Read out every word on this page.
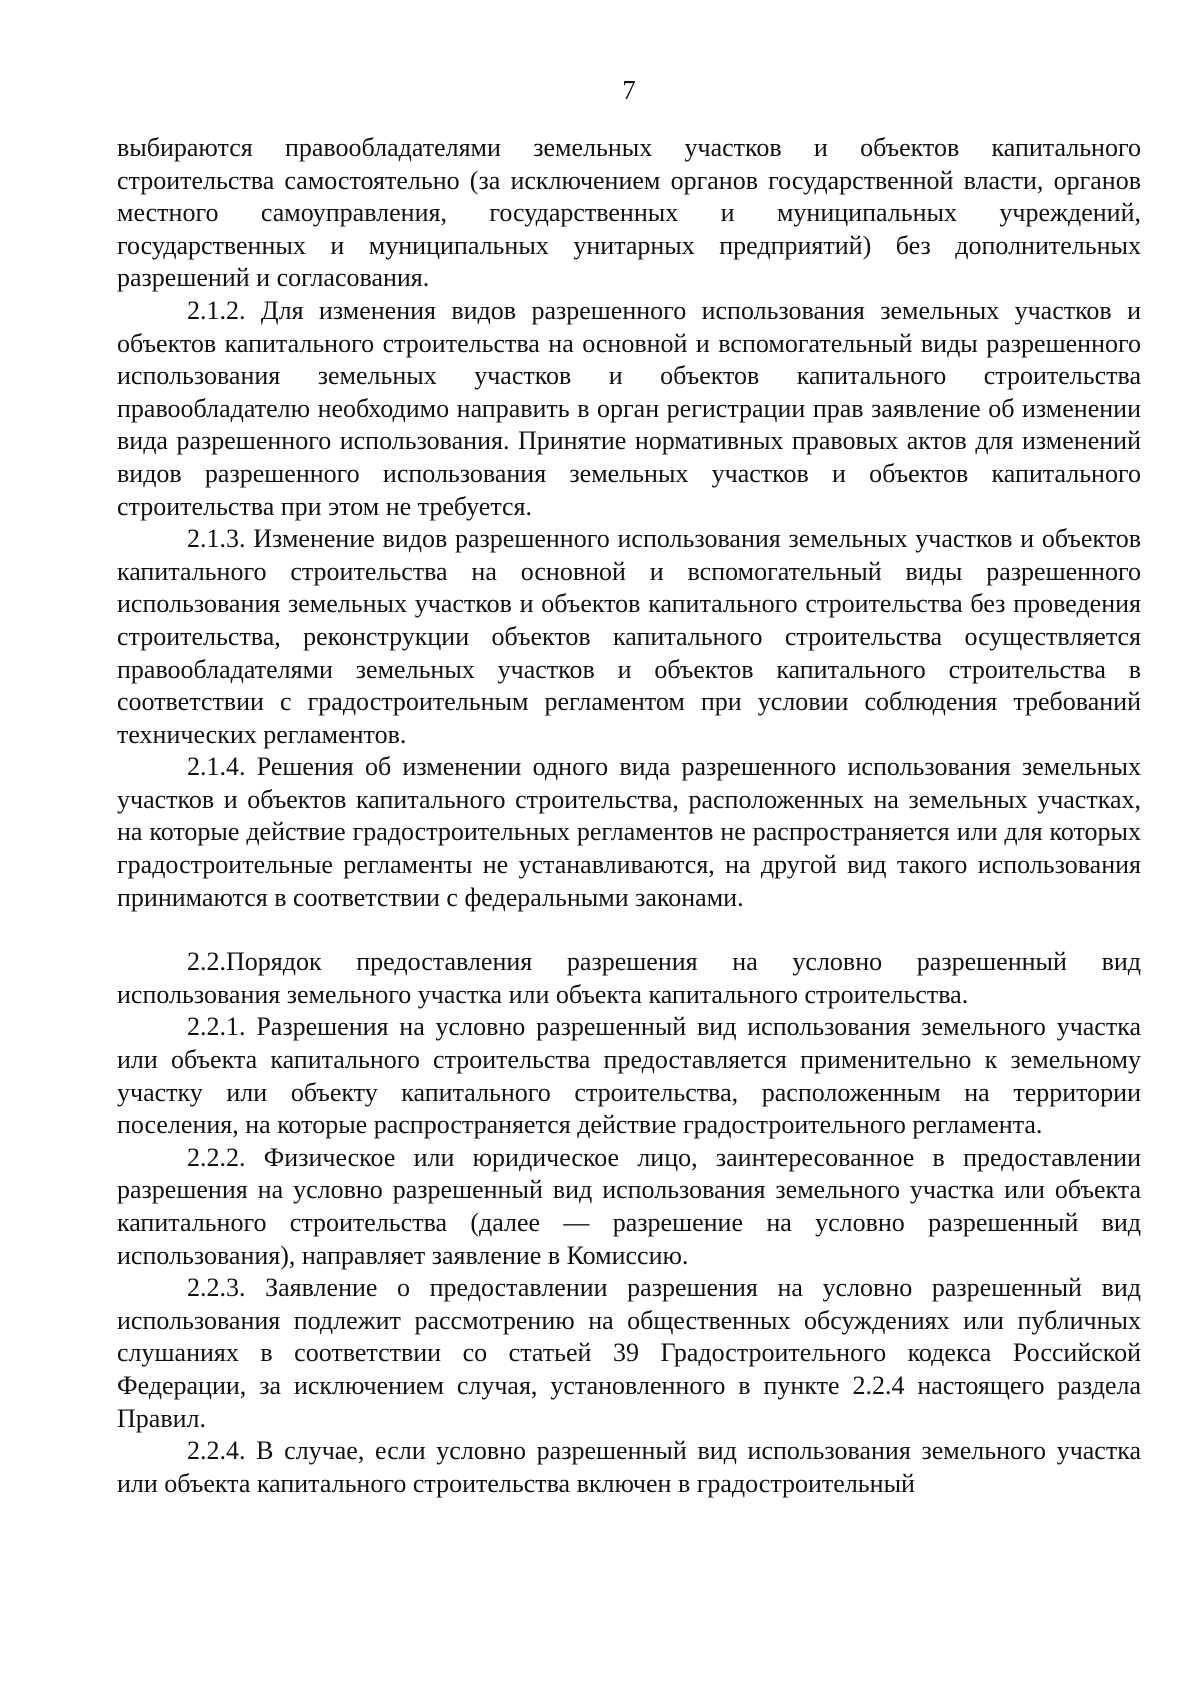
7

выбираются правообладателями земельных участков и объектов капитального строительства самостоятельно (за исключением органов государственной власти, органов местного самоуправления, государственных и муниципальных учреждений, государственных и муниципальных унитарных предприятий) без дополнительных разрешений и согласования.

2.1.2. Для изменения видов разрешенного использования земельных участков и объектов капитального строительства на основной и вспомогательный виды разрешенного использования земельных участков и объектов капитального строительства правообладателю необходимо направить в орган регистрации прав заявление об изменении вида разрешенного использования. Принятие нормативных правовых актов для изменений видов разрешенного использования земельных участков и объектов капитального строительства при этом не требуется.

2.1.3. Изменение видов разрешенного использования земельных участков и объектов капитального строительства на основной и вспомогательный виды разрешенного использования земельных участков и объектов капитального строительства без проведения строительства, реконструкции объектов капитального строительства осуществляется правообладателями земельных участков и объектов капитального строительства в соответствии с градостроительным регламентом при условии соблюдения требований технических регламентов.

2.1.4. Решения об изменении одного вида разрешенного использования земельных участков и объектов капитального строительства, расположенных на земельных участках, на которые действие градостроительных регламентов не распространяется или для которых градостроительные регламенты не устанавливаются, на другой вид такого использования принимаются в соответствии с федеральными законами.

2.2.Порядок предоставления разрешения на условно разрешенный вид использования земельного участка или объекта капитального строительства.

2.2.1. Разрешения на условно разрешенный вид использования земельного участка или объекта капитального строительства предоставляется применительно к земельному участку или объекту капитального строительства, расположенным на территории поселения, на которые распространяется действие градостроительного регламента.

2.2.2. Физическое или юридическое лицо, заинтересованное в предоставлении разрешения на условно разрешенный вид использования земельного участка или объекта капитального строительства (далее — разрешение на условно разрешенный вид использования), направляет заявление в Комиссию.

2.2.3. Заявление о предоставлении разрешения на условно разрешенный вид использования подлежит рассмотрению на общественных обсуждениях или публичных слушаниях в соответствии со статьей 39 Градостроительного кодекса Российской Федерации, за исключением случая, установленного в пункте 2.2.4 настоящего раздела Правил.

2.2.4. В случае, если условно разрешенный вид использования земельного участка или объекта капитального строительства включен в градостроительный
